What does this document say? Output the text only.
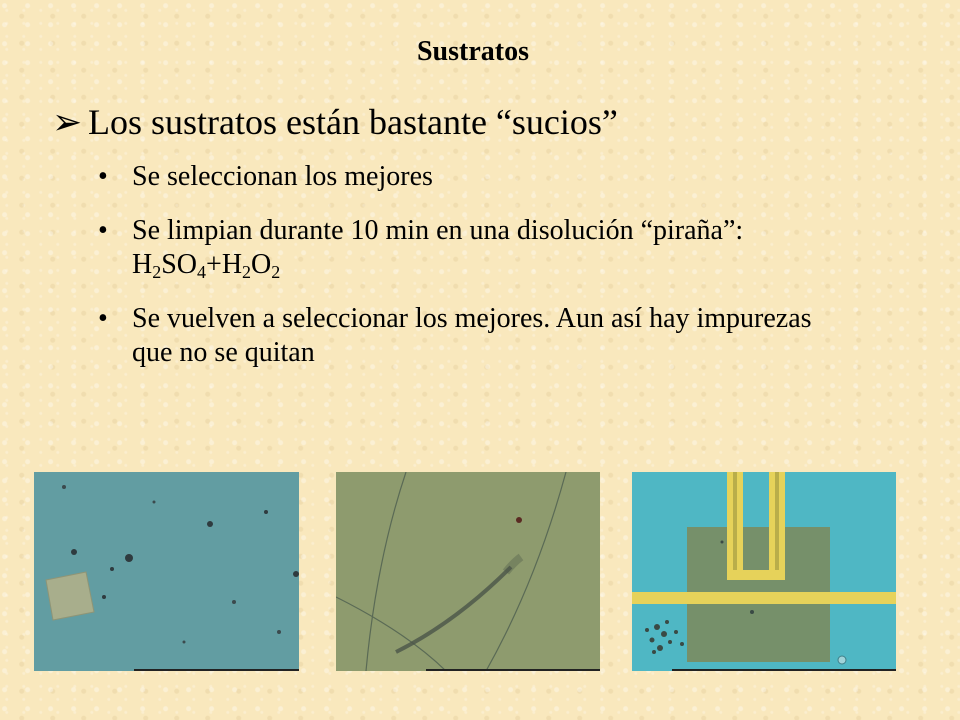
Sustratos
➢ Los sustratos están bastante “sucios”
• Se seleccionan los mejores
• Se limpian durante 10 min en una disolución “piraña”: $H_2SO_4+H_2O_2$
• Se vuelven a seleccionar los mejores. Aun así hay impurezas que no se quitan
